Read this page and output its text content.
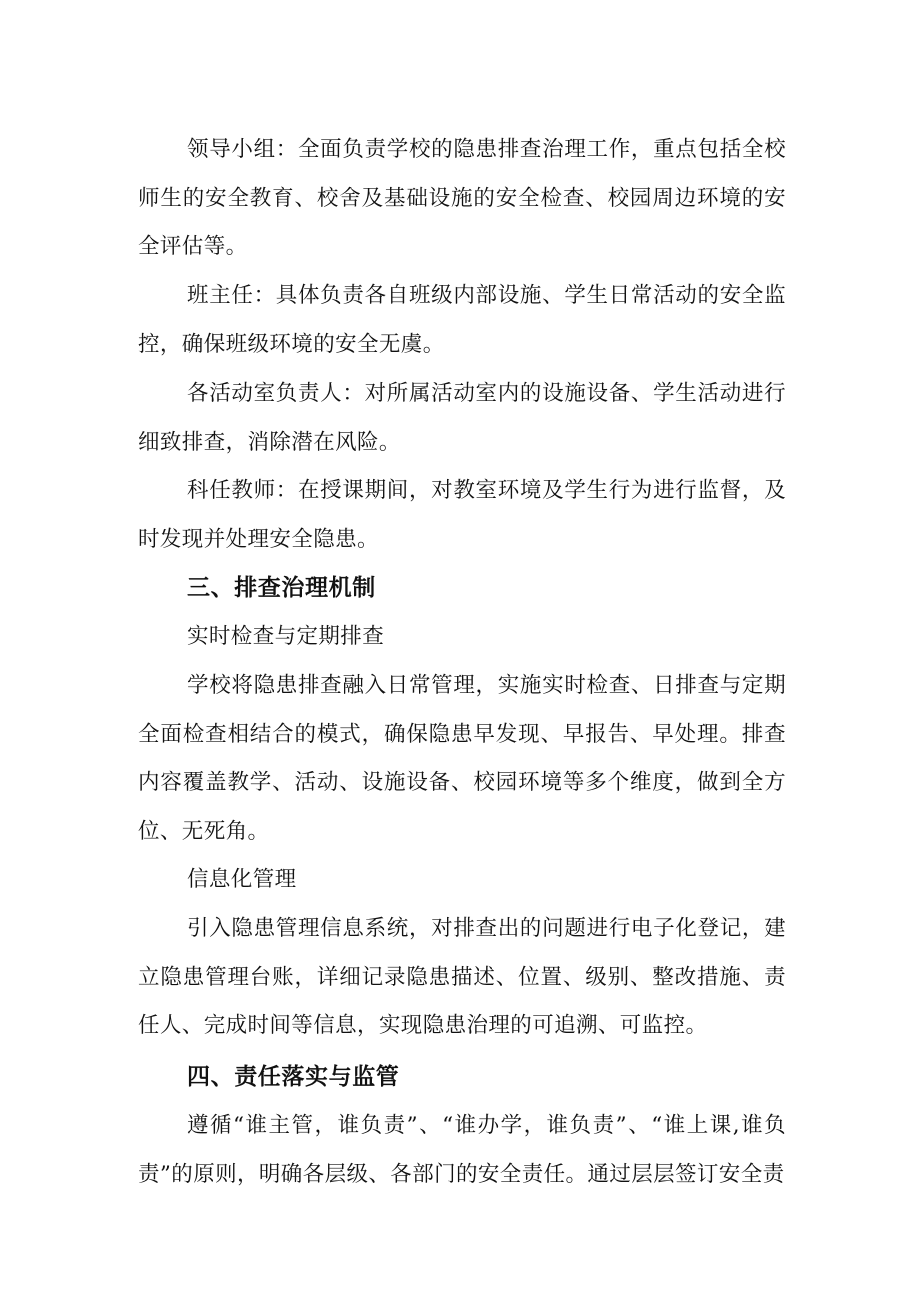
领导小组：全面负责学校的隐患排查治理工作，重点包括全校师生的安全教育、校舍及基础设施的安全检查、校园周边环境的安全评估等。

班主任：具体负责各自班级内部设施、学生日常活动的安全监控，确保班级环境的安全无虞。

各活动室负责人：对所属活动室内的设施设备、学生活动进行细致排查，消除潜在风险。

科任教师：在授课期间，对教室环境及学生行为进行监督，及时发现并处理安全隐患。

三、排查治理机制

实时检查与定期排查

学校将隐患排查融入日常管理，实施实时检查、日排查与定期全面检查相结合的模式，确保隐患早发现、早报告、早处理。排查内容覆盖教学、活动、设施设备、校园环境等多个维度，做到全方位、无死角。

信息化管理

引入隐患管理信息系统，对排查出的问题进行电子化登记，建立隐患管理台账，详细记录隐患描述、位置、级别、整改措施、责任人、完成时间等信息，实现隐患治理的可追溯、可监控。

四、责任落实与监管

遵循“谁主管，谁负责”、“谁办学，谁负责”、“谁上课,谁负责”的原则，明确各层级、各部门的安全责任。通过层层签订安全责
